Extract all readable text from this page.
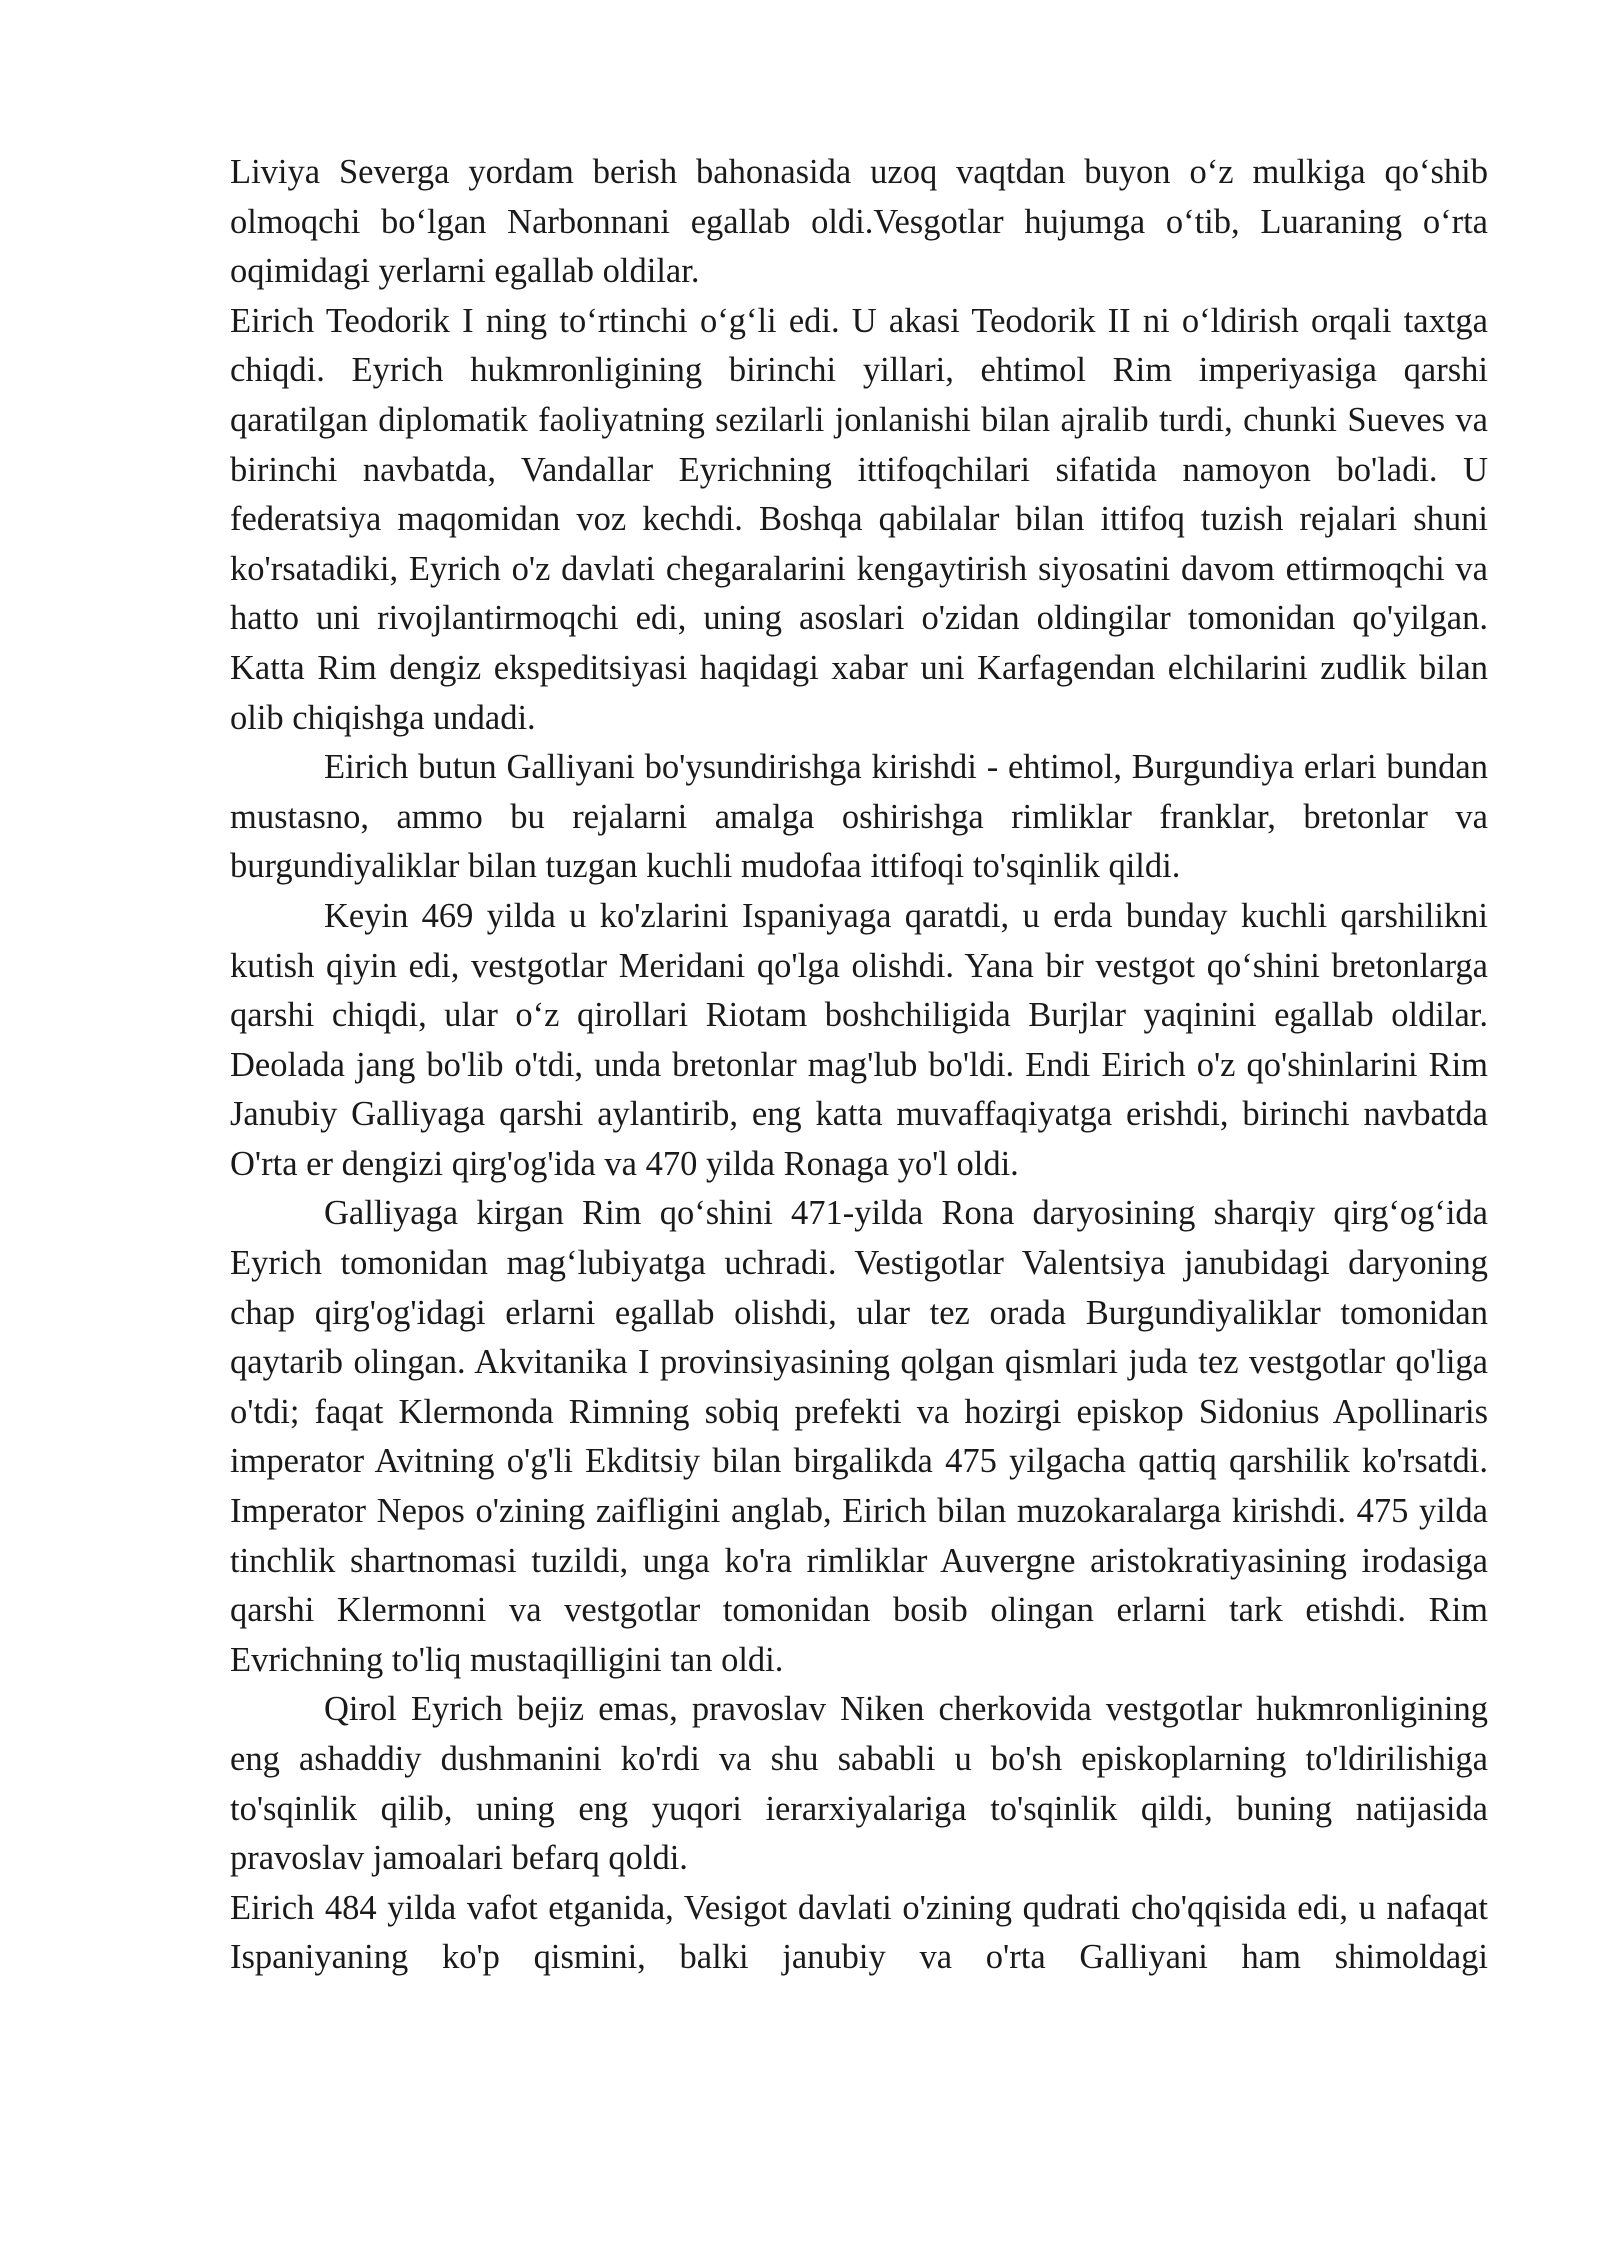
Liviya Severga yordam berish bahonasida uzoq vaqtdan buyon o‘z mulkiga qo‘shib olmoqchi bo‘lgan Narbonnani egallab oldi.Vesgotlar hujumga o‘tib, Luaraning o‘rta oqimidagi yerlarni egallab oldilar.

Eirich Teodorik I ning to‘rtinchi o‘g‘li edi. U akasi Teodorik II ni o‘ldirish orqali taxtga chiqdi. Eyrich hukmronligining birinchi yillari, ehtimol Rim imperiyasiga qarshi qaratilgan diplomatik faoliyatning sezilarli jonlanishi bilan ajralib turdi, chunki Sueves va birinchi navbatda, Vandallar Eyrichning ittifoqchilari sifatida namoyon bo'ladi. U federatsiya maqomidan voz kechdi. Boshqa qabilalar bilan ittifoq tuzish rejalari shuni ko'rsatadiki, Eyrich o'z davlati chegaralarini kengaytirish siyosatini davom ettirmoqchi va hatto uni rivojlantirmoqchi edi, uning asoslari o'zidan oldingilar tomonidan qo'yilgan. Katta Rim dengiz ekspeditsiyasi haqidagi xabar uni Karfagendan elchilarini zudlik bilan olib chiqishga undadi.

Eirich butun Galliyani bo'ysundirishga kirishdi - ehtimol, Burgundiya erlari bundan mustasno, ammo bu rejalarni amalga oshirishga rimliklar franklar, bretonlar va burgundiyaliklar bilan tuzgan kuchli mudofaa ittifoqi to'sqinlik qildi.

Keyin 469 yilda u ko'zlarini Ispaniyaga qaratdi, u erda bunday kuchli qarshilikni kutish qiyin edi, vestgotlar Meridani qo'lga olishdi. Yana bir vestgot qo‘shini bretonlarga qarshi chiqdi, ular o‘z qirollari Riotam boshchiligida Burjlar yaqinini egallab oldilar. Deolada jang bo'lib o'tdi, unda bretonlar mag'lub bo'ldi. Endi Eirich o'z qo'shinlarini Rim Janubiy Galliyaga qarshi aylantirib, eng katta muvaffaqiyatga erishdi, birinchi navbatda O'rta er dengizi qirg'og'ida va 470 yilda Ronaga yo'l oldi.

Galliyaga kirgan Rim qo‘shini 471-yilda Rona daryosining sharqiy qirg‘og‘ida Eyrich tomonidan mag‘lubiyatga uchradi. Vestigotlar Valentsiya janubidagi daryoning chap qirg'og'idagi erlarni egallab olishdi, ular tez orada Burgundiyaliklar tomonidan qaytarib olingan. Akvitanika I provinsiyasining qolgan qismlari juda tez vestgotlar qo'liga o'tdi; faqat Klermonda Rimning sobiq prefekti va hozirgi episkop Sidonius Apollinaris imperator Avitning o'g'li Ekditsiy bilan birgalikda 475 yilgacha qattiq qarshilik ko'rsatdi. Imperator Nepos o'zining zaifligini anglab, Eirich bilan muzokaralarga kirishdi. 475 yilda tinchlik shartnomasi tuzildi, unga ko'ra rimliklar Auvergne aristokratiyasining irodasiga qarshi Klermonni va vestgotlar tomonidan bosib olingan erlarni tark etishdi. Rim Evrichning to'liq mustaqilligini tan oldi.

Qirol Eyrich bejiz emas, pravoslav Niken cherkovida vestgotlar hukmronligining eng ashaddiy dushmanini ko'rdi va shu sababli u bo'sh episkoplarning to'ldirilishiga to'sqinlik qilib, uning eng yuqori ierarxiyalariga to'sqinlik qildi, buning natijasida pravoslav jamoalari befarq qoldi.

Eirich 484 yilda vafot etganida, Vesigot davlati o'zining qudrati cho'qqisida edi, u nafaqat Ispaniyaning ko'p qismini, balki janubiy va o'rta Galliyani ham shimoldagi
